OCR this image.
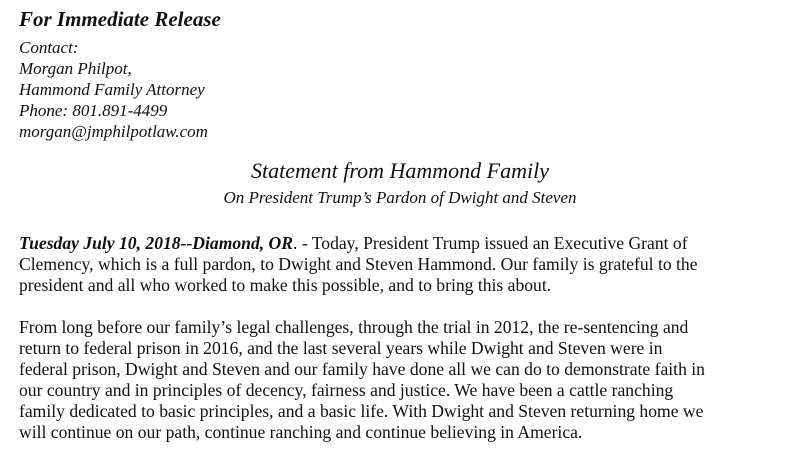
For Immediate Release
Contact:
Morgan Philpot,
Hammond Family Attorney
Phone: 801.891-4499
morgan@jmphilpotlaw.com
Statement from Hammond Family
On President Trump’s Pardon of Dwight and Steven
Tuesday July 10, 2018--Diamond, OR. - Today, President Trump issued an Executive Grant of
Clemency, which is a full pardon, to Dwight and Steven Hammond. Our family is grateful to the
president and all who worked to make this possible, and to bring this about.
From long before our family’s legal challenges, through the trial in 2012, the re-sentencing and
return to federal prison in 2016, and the last several years while Dwight and Steven were in
federal prison, Dwight and Steven and our family have done all we can do to demonstrate faith in
our country and in principles of decency, fairness and justice. We have been a cattle ranching
family dedicated to basic principles, and a basic life. With Dwight and Steven returning home we
will continue on our path, continue ranching and continue believing in America.
